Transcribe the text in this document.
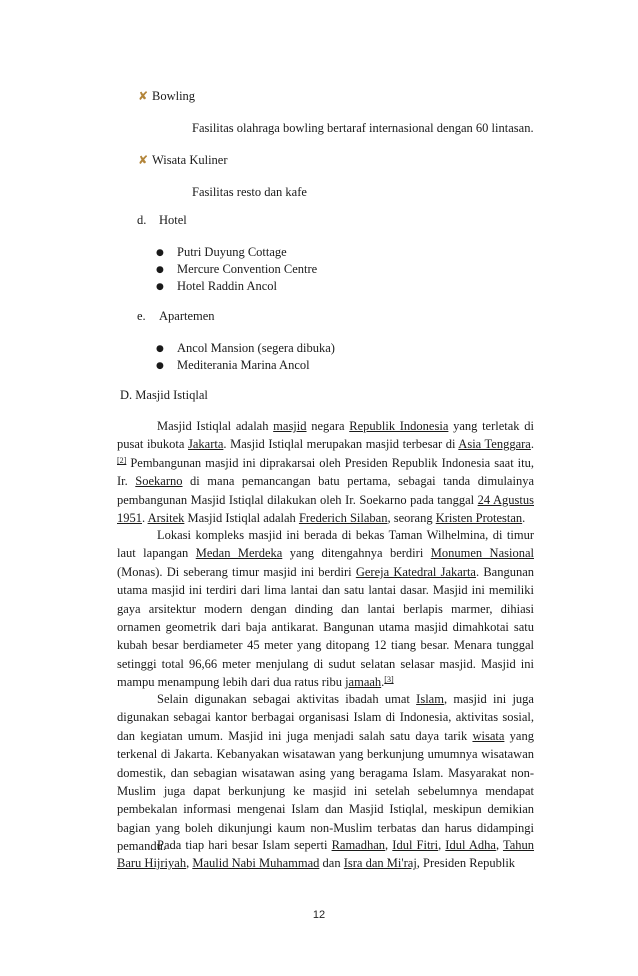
✘ Bowling
Fasilitas olahraga bowling bertaraf internasional dengan 60 lintasan.
✘ Wisata Kuliner
Fasilitas resto dan kafe
d. Hotel
● Putri Duyung Cottage
● Mercure Convention Centre
● Hotel Raddin Ancol
e. Apartemen
● Ancol Mansion (segera dibuka)
● Mediterania Marina Ancol
D. Masjid Istiqlal
Masjid Istiqlal adalah masjid negara Republik Indonesia yang terletak di pusat ibukota Jakarta. Masjid Istiqlal merupakan masjid terbesar di Asia Tenggara.[2] Pembangunan masjid ini diprakarsai oleh Presiden Republik Indonesia saat itu, Ir. Soekarno di mana pemancangan batu pertama, sebagai tanda dimulainya pembangunan Masjid Istiqlal dilakukan oleh Ir. Soekarno pada tanggal 24 Agustus 1951. Arsitek Masjid Istiqlal adalah Frederich Silaban, seorang Kristen Protestan.
Lokasi kompleks masjid ini berada di bekas Taman Wilhelmina, di timur laut lapangan Medan Merdeka yang ditengahnya berdiri Monumen Nasional (Monas). Di seberang timur masjid ini berdiri Gereja Katedral Jakarta. Bangunan utama masjid ini terdiri dari lima lantai dan satu lantai dasar. Masjid ini memiliki gaya arsitektur modern dengan dinding dan lantai berlapis marmer, dihiasi ornamen geometrik dari baja antikarat. Bangunan utama masjid dimahkotai satu kubah besar berdiameter 45 meter yang ditopang 12 tiang besar. Menara tunggal setinggi total 96,66 meter menjulang di sudut selatan selasar masjid. Masjid ini mampu menampung lebih dari dua ratus ribu jamaah.[3]
Selain digunakan sebagai aktivitas ibadah umat Islam, masjid ini juga digunakan sebagai kantor berbagai organisasi Islam di Indonesia, aktivitas sosial, dan kegiatan umum. Masjid ini juga menjadi salah satu daya tarik wisata yang terkenal di Jakarta. Kebanyakan wisatawan yang berkunjung umumnya wisatawan domestik, dan sebagian wisatawan asing yang beragama Islam. Masyarakat non-Muslim juga dapat berkunjung ke masjid ini setelah sebelumnya mendapat pembekalan informasi mengenai Islam dan Masjid Istiqlal, meskipun demikian bagian yang boleh dikunjungi kaum non-Muslim terbatas dan harus didampingi pemandu.
Pada tiap hari besar Islam seperti Ramadhan, Idul Fitri, Idul Adha, Tahun Baru Hijriyah, Maulid Nabi Muhammad dan Isra dan Mi'raj, Presiden Republik
12
